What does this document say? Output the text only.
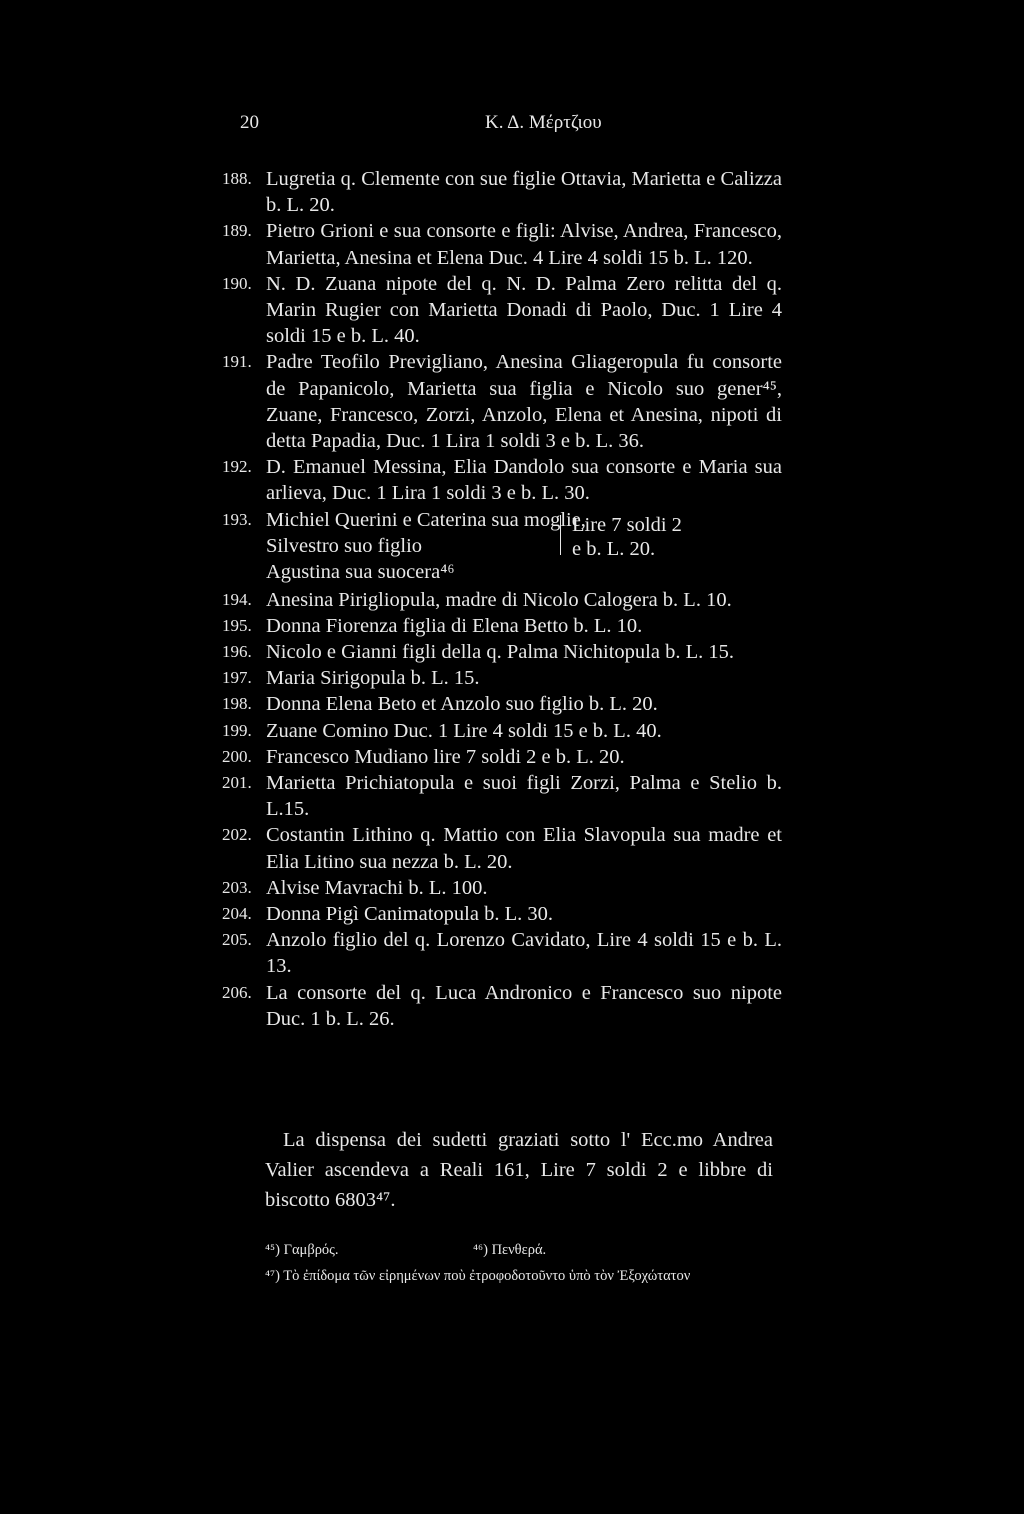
20	Κ. Δ. Μέρτζιου

188. Lugretia q. Clemente con sue figlie Ottavia, Marietta e Calizza b. L. 20.

189. Pietro Grioni e sua consorte e figli: Alvise, Andrea, Francesco, Marietta, Anesina et Elena Duc. 4 Lire 4 soldi 15 b. L. 120.

190. N. D. Zuana nipote del q. N. D. Palma Zero relitta del q. Marin Rugier con Marietta Donadi di Paolo, Duc. 1 Lire 4 soldi 15 e b. L. 40.

191. Padre Teofilo Previgliano, Anesina Gliageropula fu consorte de Papanicolo, Marietta sua figlia e Nicolo suo gener⁴⁵, Zuane, Francesco, Zorzi, Anzolo, Elena et Anesina, nipoti di detta Papadia, Duc. 1 Lira 1 soldi 3 e b. L. 36.

192. D. Emanuel Messina, Elia Dandolo sua consorte e Maria sua arlieva, Duc. 1 Lira 1 soldi 3 e b. L. 30.

193. Michiel Querini e Caterina sua moglie,
Silvestro suo figlio
Agustina sua suocera⁴⁶
Lire 7 soldi 2
e b. L. 20.

194. Anesina Pirigliopula, madre di Nicolo Calogera b. L. 10.

195. Donna Fiorenza figlia di Elena Betto b. L. 10.

196. Nicolo e Gianni figli della q. Palma Nichitopula b. L. 15.

197. Maria Sirigopula b. L. 15.

198. Donna Elena Beto et Anzolo suo figlio b. L. 20.

199. Zuane Comino Duc. 1 Lire 4 soldi 15 e b. L. 40.

200. Francesco Mudiano lire 7 soldi 2 e b. L. 20.

201. Marietta Prichiatopula e suoi figli Zorzi, Palma e Stelio b. L.15.

202. Costantin Lithino q. Mattio con Elia Slavopula sua madre et Elia Litino sua nezza b. L. 20.

203. Alvise Mavrachi b. L. 100.

204. Donna Pigì Canimatopula b. L. 30.

205. Anzolo figlio del q. Lorenzo Cavidato, Lire 4 soldi 15 e b. L. 13.

206. La consorte del q. Luca Andronico e Francesco suo nipote Duc. 1 b. L. 26.

La dispensa dei sudetti graziati sotto l' Ecc.mo Andrea Valier ascendeva a Reali 161, Lire 7 soldi 2 e libbre di biscotto 6803⁴⁷.

⁴⁵) Γαμβρός.	⁴⁶) Πενθερά.
⁴⁷) Τὸ ἐπίδομα τῶν εἰρημένων ποὺ ἐτροφοδοτοῦντο ὑπὸ τὸν Ἐξοχώτατον
